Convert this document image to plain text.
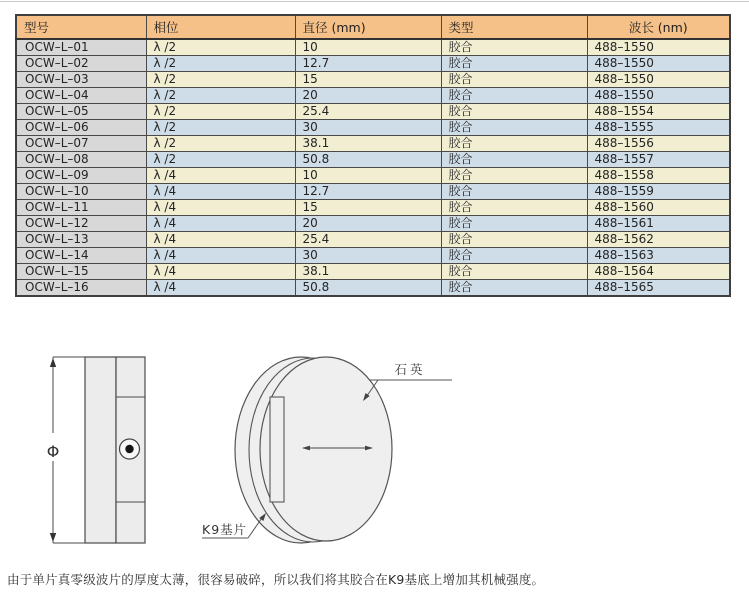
型号	相位	直径 (mm)	类型	波长 (nm)
OCW–L–01	λ /2	10	胶合	488–1550
OCW–L–02	λ /2	12.7	胶合	488–1550
OCW–L–03	λ /2	15	胶合	488–1550
OCW–L–04	λ /2	20	胶合	488–1550
OCW–L–05	λ /2	25.4	胶合	488–1554
OCW–L–06	λ /2	30	胶合	488–1555
OCW–L–07	λ /2	38.1	胶合	488–1556
OCW–L–08	λ /2	50.8	胶合	488–1557
OCW–L–09	λ /4	10	胶合	488–1558
OCW–L–10	λ /4	12.7	胶合	488–1559
OCW–L–11	λ /4	15	胶合	488–1560
OCW–L–12	λ /4	20	胶合	488–1561
OCW–L–13	λ /4	25.4	胶合	488–1562
OCW–L–14	λ /4	30	胶合	488–1563
OCW–L–15	λ /4	38.1	胶合	488–1564
OCW–L–16	λ /4	50.8	胶合	488–1565
Φ
石英
K9基片
由于单片真零级波片的厚度太薄，很容易破碎，所以我们将其胶合在K9基底上增加其机械强度。
